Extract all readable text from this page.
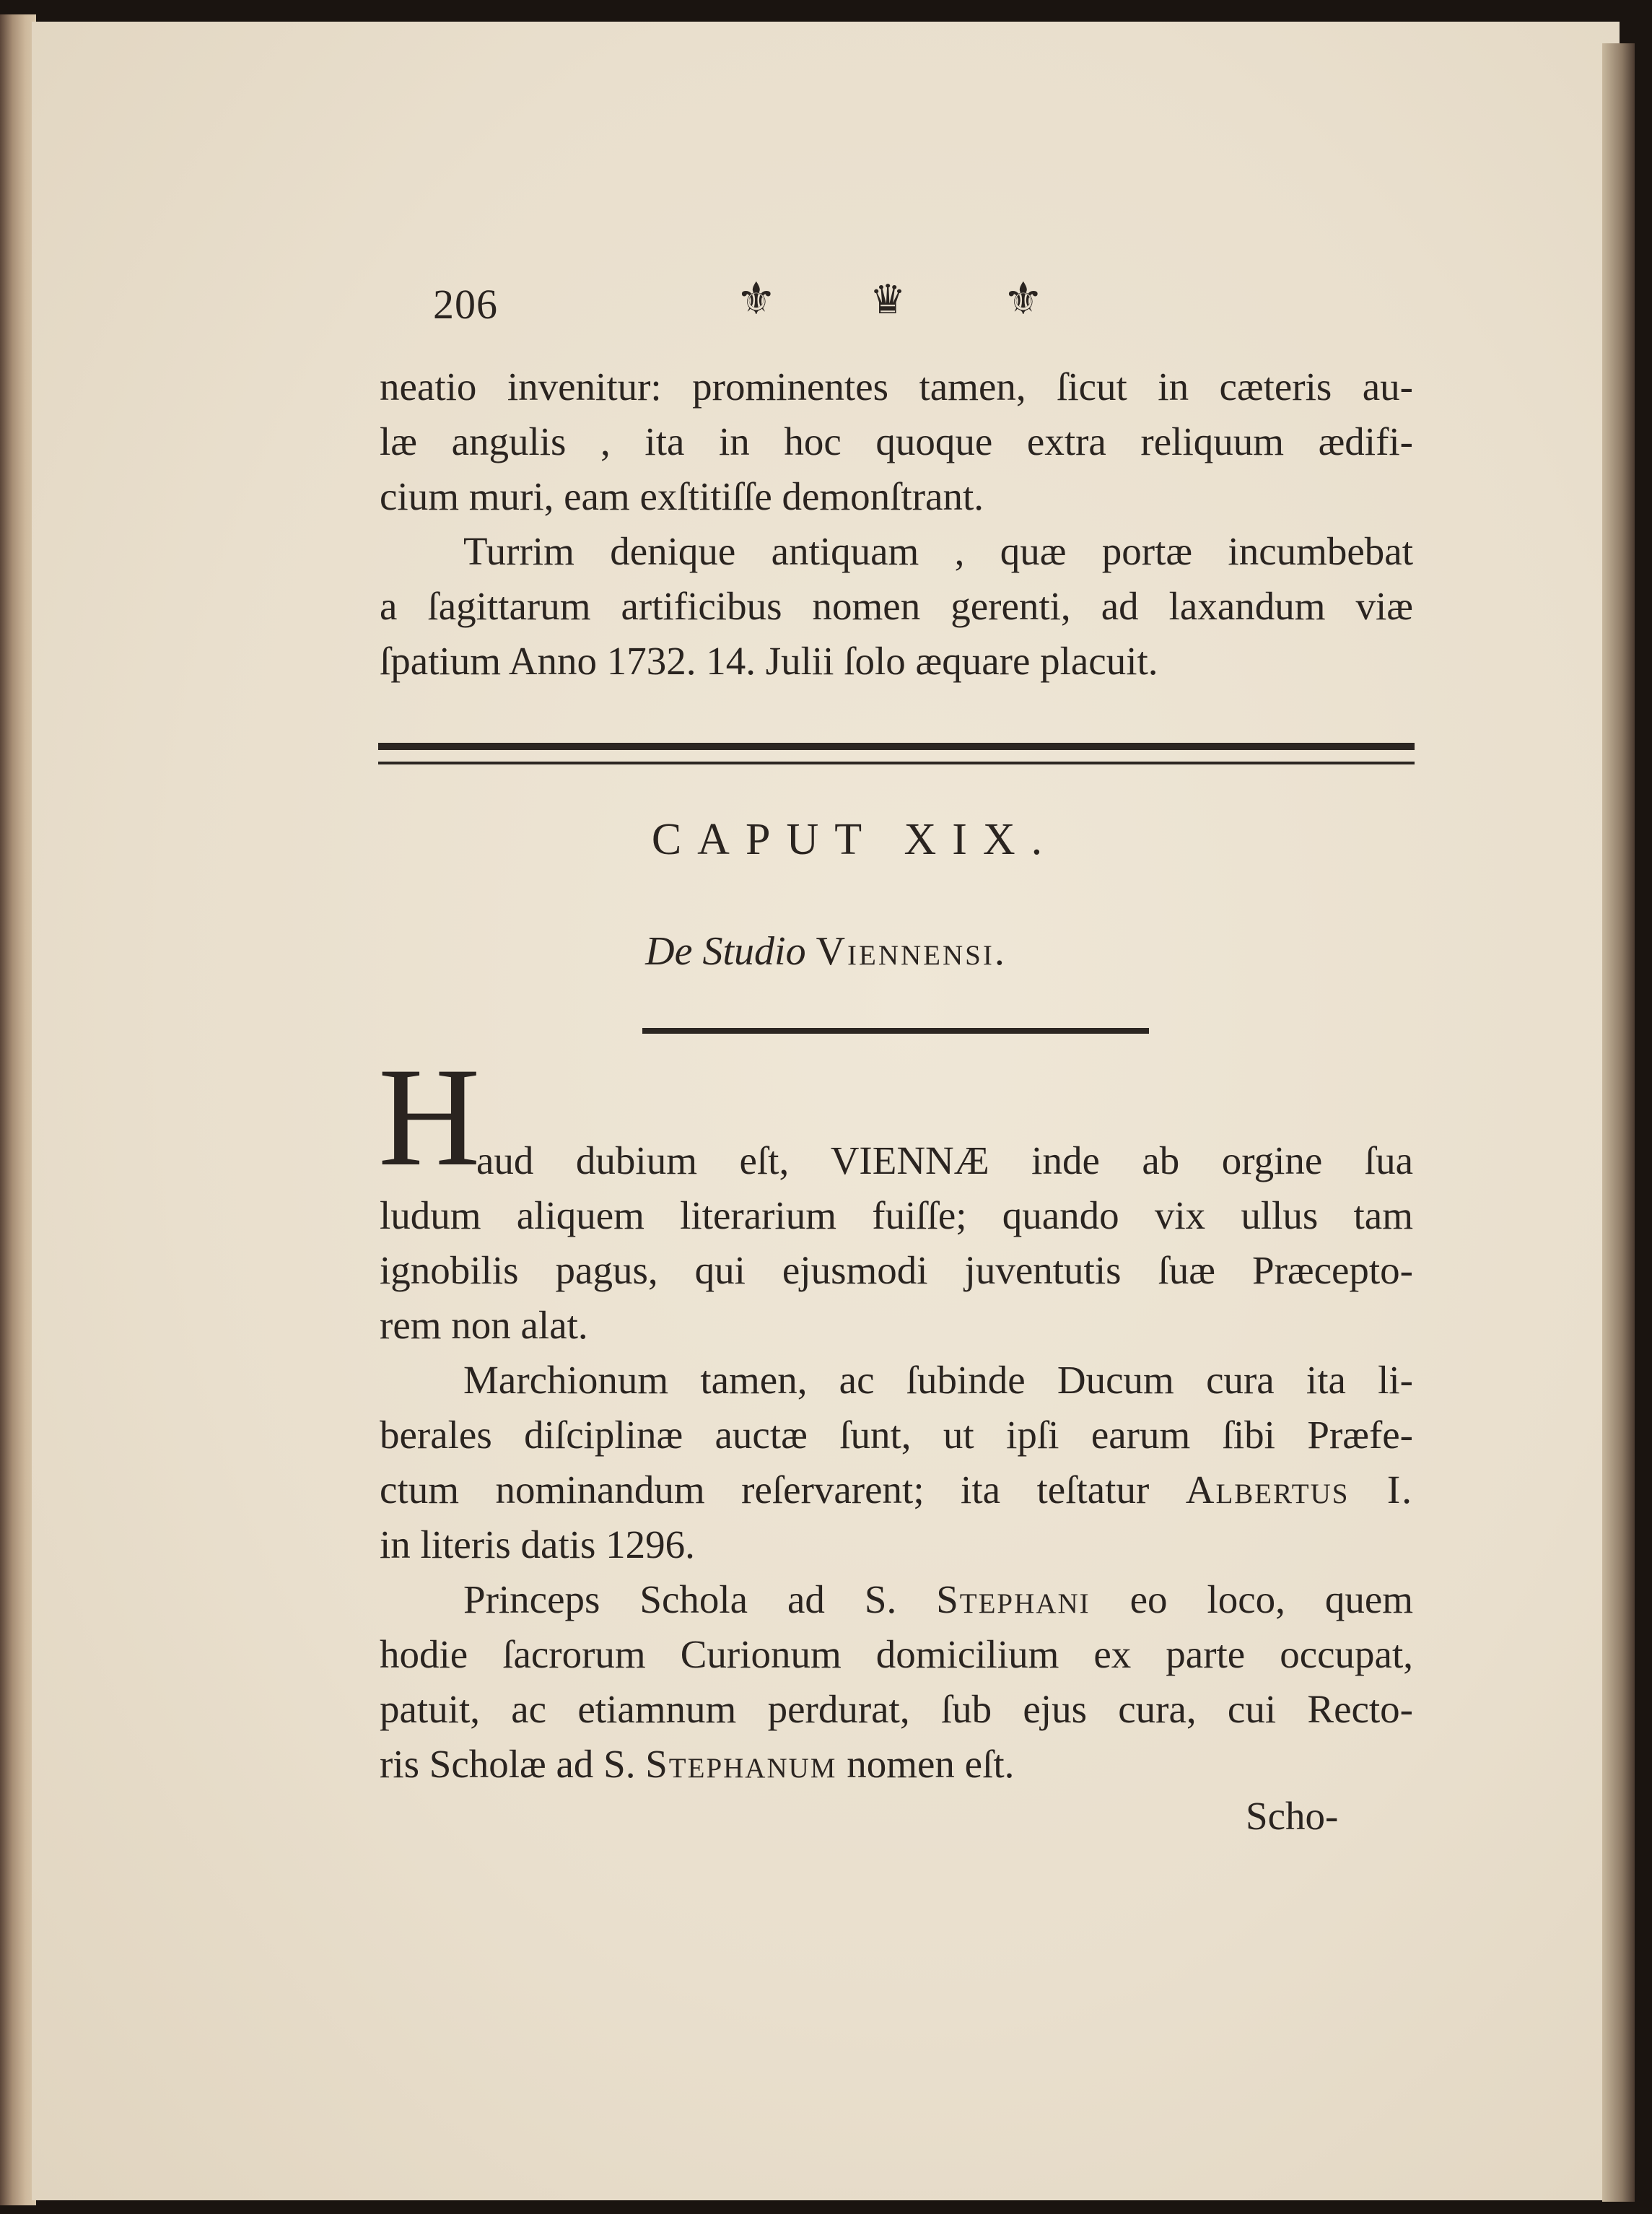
206	⚜ ♛ ⚜
neatio invenitur: prominentes tamen, ſicut in cæteris au-
læ angulis , ita in hoc quoque extra reliquum ædifi-
cium muri, eam exſtitiſſe demonſtrant.
Turrim denique antiquam , quæ portæ incumbebat
a ſagittarum artificibus nomen gerenti, ad laxandum viæ
ſpatium Anno 1732. 14. Julii ſolo æquare placuit.
CAPUT XIX.
De Studio Viennensi.
H
aud dubium eſt, VIENNÆ inde ab orgine ſua
ludum aliquem literarium fuiſſe; quando vix ullus tam
ignobilis pagus, qui ejusmodi juventutis ſuæ Præcepto-
rem non alat.
Marchionum tamen, ac ſubinde Ducum cura ita li-
berales diſciplinæ auctæ ſunt, ut ipſi earum ſibi Præfe-
ctum nominandum reſervarent; ita teſtatur Albertus I.
in literis datis 1296.
Princeps Schola ad S. Stephani eo loco, quem
hodie ſacrorum Curionum domicilium ex parte occupat,
patuit, ac etiamnum perdurat, ſub ejus cura, cui Recto-
ris Scholæ ad S. Stephanum nomen eſt.
Scho-
